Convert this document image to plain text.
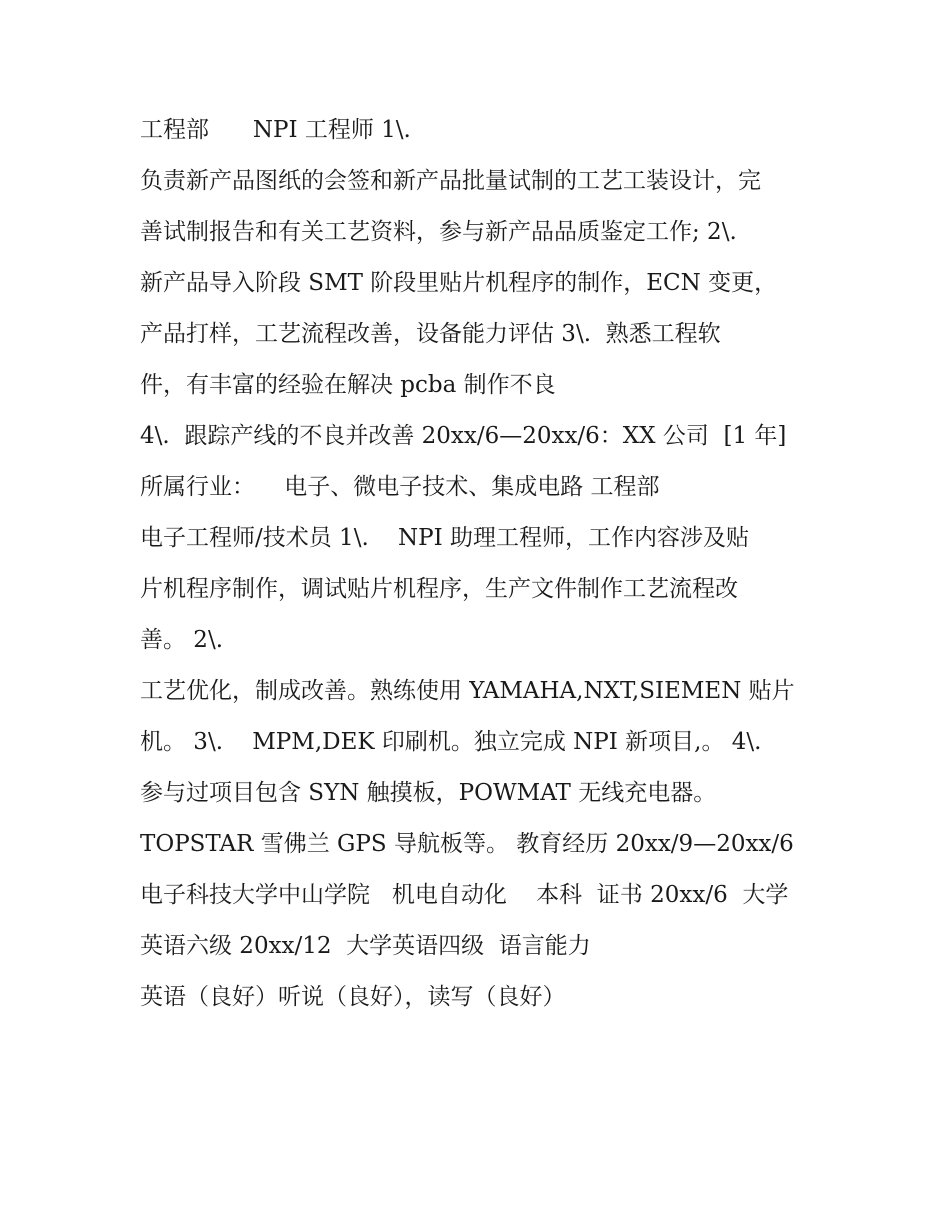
工程部      NPI 工程师 1\.
负责新产品图纸的会签和新产品批量试制的工艺工装设计，完
善试制报告和有关工艺资料，参与新产品品质鉴定工作; 2\.
新产品导入阶段 SMT 阶段里贴片机程序的制作，ECN 变更，
产品打样，工艺流程改善，设备能力评估 3\.  熟悉工程软
件，有丰富的经验在解决 pcba 制作不良
4\.  跟踪产线的不良并改善 20xx/6—20xx/6：XX 公司  [1 年]
所属行业：    电子、微电子技术、集成电路 工程部
电子工程师/技术员 1\.    NPI 助理工程师，工作内容涉及贴
片机程序制作，调试贴片机程序，生产文件制作工艺流程改
善。 2\.
工艺优化，制成改善。熟练使用 YAMAHA,NXT,SIEMEN 贴片
机。 3\.    MPM,DEK 印刷机。独立完成 NPI 新项目,。 4\.
参与过项目包含 SYN 触摸板，POWMAT 无线充电器。
TOPSTAR 雪佛兰 GPS 导航板等。 教育经历 20xx/9—20xx/6
电子科技大学中山学院   机电自动化    本科  证书 20xx/6  大学
英语六级 20xx/12  大学英语四级  语言能力
英语（良好）听说（良好），读写（良好）
